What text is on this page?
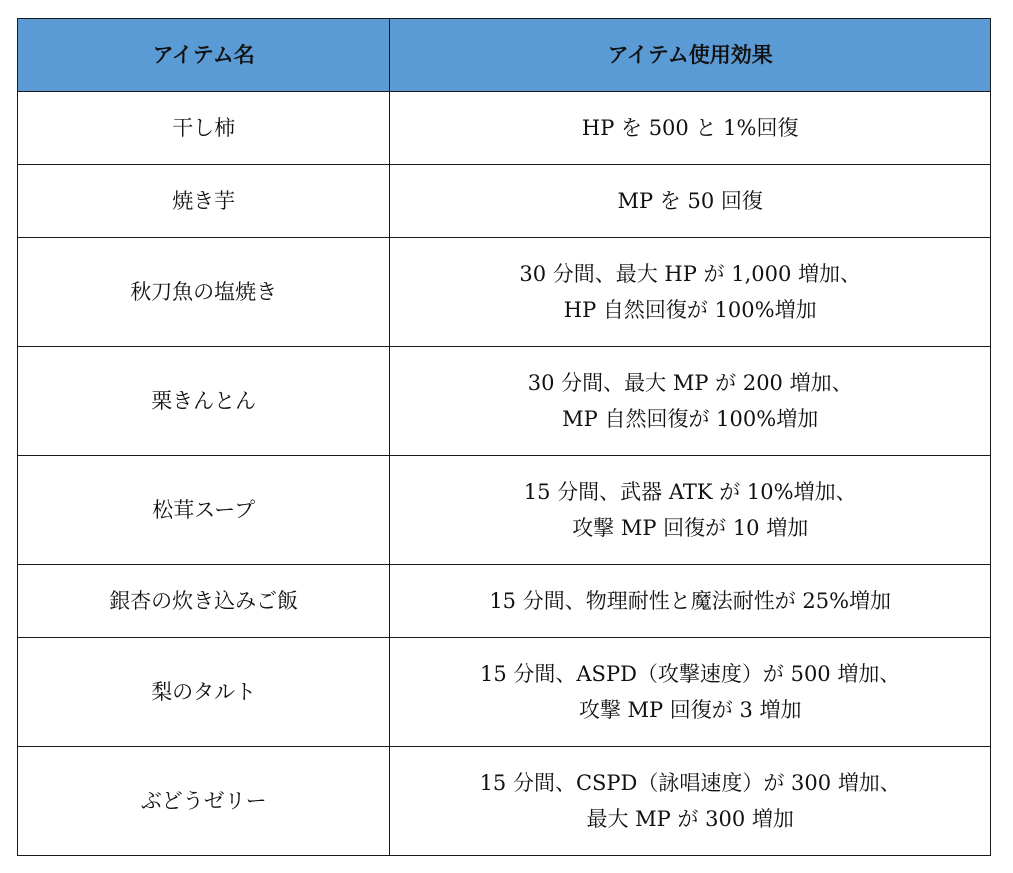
アイテム名	アイテム使用効果
干し柿	HP を 500 と 1%回復

焼き芋	MP を 50 回復

秋刀魚の塩焼き	30 分間、最大 HP が 1,000 増加、
HP 自然回復が 100%増加

栗きんとん	30 分間、最大 MP が 200 増加、
MP 自然回復が 100%増加

松茸スープ	15 分間、武器 ATK が 10%増加、
攻撃 MP 回復が 10 増加

銀杏の炊き込みご飯	15 分間、物理耐性と魔法耐性が 25%増加

梨のタルト	15 分間、ASPD（攻撃速度）が 500 増加、
攻撃 MP 回復が 3 増加

ぶどうゼリー	15 分間、CSPD（詠唱速度）が 300 増加、
最大 MP が 300 増加
